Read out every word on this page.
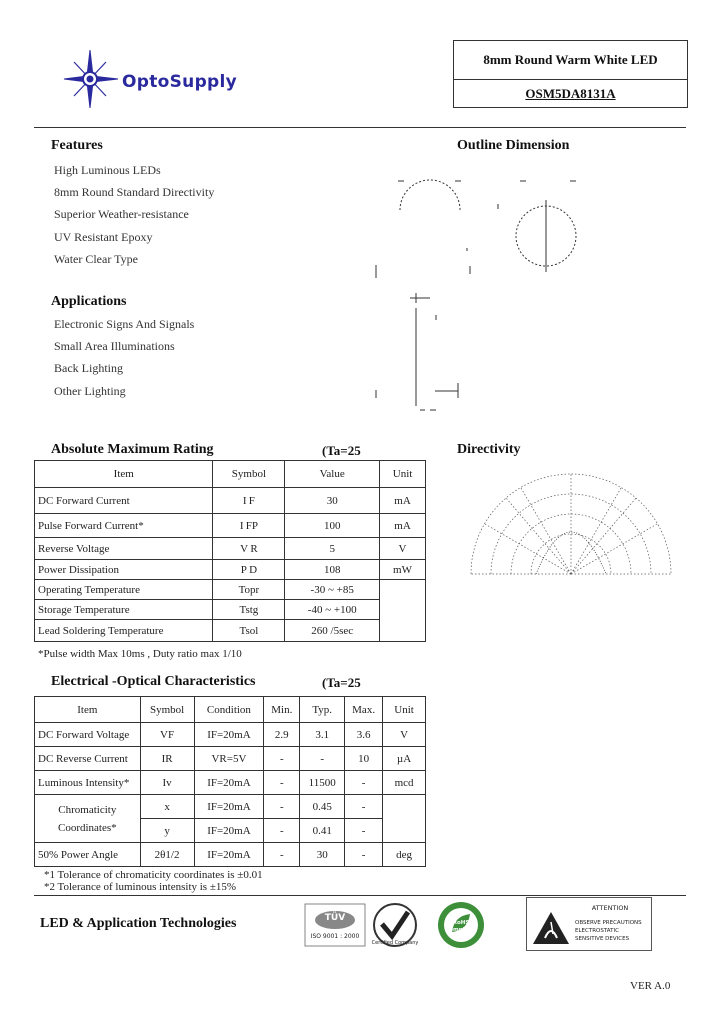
OptoSupply
8mm Round Warm White LED
OSM5DA8131A
Features
High Luminous LEDs
8mm Round Standard Directivity
Superior Weather-resistance
UV Resistant Epoxy
Water Clear Type
Applications
Electronic Signs And Signals
Small Area Illuminations
Back Lighting
Other Lighting
Outline Dimension
Directivity
Absolute Maximum Rating	(Ta=25
Item	Symbol	Value	Unit
DC Forward Current	I F	30	mA
Pulse Forward Current*	I FP	100	mA
Reverse Voltage	V R	5	V
Power Dissipation	P D	108	mW
Operating Temperature	Topr	-30 ~ +85	
Storage Temperature	Tstg	-40 ~ +100	
Lead Soldering Temperature	Tsol	260 /5sec	
*Pulse width Max 10ms , Duty ratio max 1/10
Electrical -Optical Characteristics	(Ta=25
Item	Symbol	Condition	Min.	Typ.	Max.	Unit
DC Forward Voltage	VF	IF=20mA	2.9	3.1	3.6	V
DC Reverse Current	IR	VR=5V	-	-	10	µA
Luminous Intensity*	Iv	IF=20mA	-	11500	-	mcd
Chromaticity
Coordinates*	x	IF=20mA	-	0.45	-	
	y	IF=20mA	-	0.41	-	
50% Power Angle	2θ1/2	IF=20mA	-	30	-	deg
*1 Tolerance of chromaticity coordinates is ±0.01
*2 Tolerance of luminous intensity is ±15%
LED & Application Technologies	TÜV
ISO 9001 : 2000
Certified Company
RoHS Compliant
ATTENTION
OBSERVE PRECAUTIONS
ELECTROSTATIC
SENSITIVE DEVICES
VER A.0
